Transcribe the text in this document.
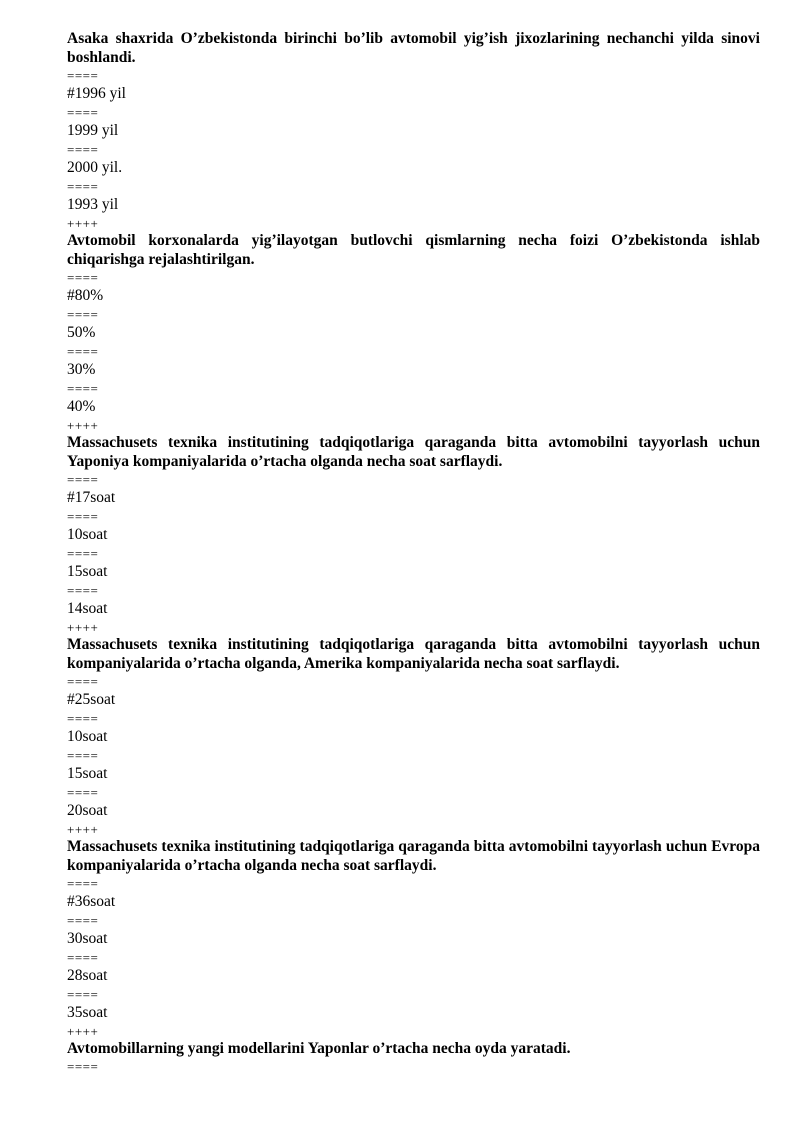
Asaka shaxrida O’zbekistonda birinchi bo’lib avtomobil yig’ish jixozlarining nechanchi yilda sinovi boshlandi.
====
#1996 yil
====
1999 yil
====
2000 yil.
====
1993 yil
++++
Avtomobil korxonalarda yig’ilayotgan butlovchi qismlarning necha foizi O’zbekistonda ishlab chiqarishga rejalashtirilgan.
====
#80%
====
50%
====
30%
====
40%
++++
Massachusets texnika institutining tadqiqotlariga qaraganda bitta avtomobilni tayyorlash uchun Yaponiya kompaniyalarida o’rtacha olganda necha soat sarflaydi.
====
#17soat
====
10soat
====
15soat
====
14soat
++++
Massachusets texnika institutining tadqiqotlariga qaraganda bitta avtomobilni tayyorlash uchun kompaniyalarida o’rtacha olganda, Amerika kompaniyalarida necha soat sarflaydi.
====
#25soat
====
10soat
====
15soat
====
20soat
++++
Massachusets texnika institutining tadqiqotlariga qaraganda bitta avtomobilni tayyorlash uchun Evropa kompaniyalarida o’rtacha olganda necha soat sarflaydi.
====
#36soat
====
30soat
====
28soat
====
35soat
++++
Avtomobillarning yangi modellarini Yaponlar o’rtacha necha oyda yaratadi.
====
